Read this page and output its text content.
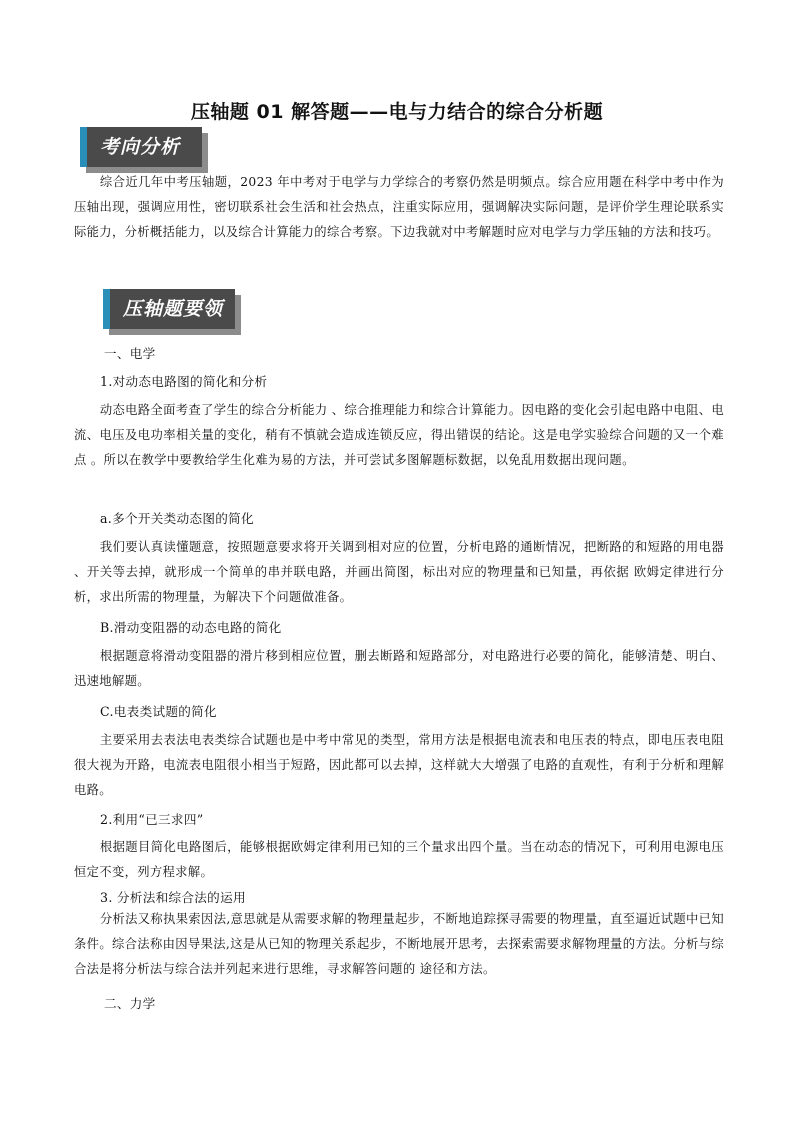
压轴题 01 解答题——电与力结合的综合分析题
考向分析
综合近几年中考压轴题，2023 年中考对于电学与力学综合的考察仍然是明频点。综合应用题在科学中考中作为压轴出现，强调应用性，密切联系社会生活和社会热点，注重实际应用，强调解决实际问题，是评价学生理论联系实际能力，分析概括能力，以及综合计算能力的综合考察。下边我就对中考解题时应对电学与力学压轴的方法和技巧。
压轴题要领
一、电学
1.对动态电路图的简化和分析
动态电路全面考查了学生的综合分析能力 、综合推理能力和综合计算能力。因电路的变化会引起电路中电阻、电流、电压及电功率相关量的变化，稍有不慎就会造成连锁反应，得出错误的结论。这是电学实验综合问题的又一个难点 。所以在教学中要教给学生化难为易的方法，并可尝试多图解题标数据，以免乱用数据出现问题。
a.多个开关类动态图的简化
我们要认真读懂题意，按照题意要求将开关调到相对应的位置，分析电路的通断情况，把断路的和短路的用电器 、开关等去掉，就形成一个简单的串并联电路，并画出简图，标出对应的物理量和已知量，再依据 欧姆定律进行分析，求出所需的物理量，为解决下个问题做准备。
B.滑动变阻器的动态电路的简化
根据题意将滑动变阻器的滑片移到相应位置，删去断路和短路部分，对电路进行必要的简化，能够清楚、明白、迅速地解题。
C.电表类试题的简化
主要采用去表法电表类综合试题也是中考中常见的类型，常用方法是根据电流表和电压表的特点，即电压表电阻很大视为开路，电流表电阻很小相当于短路，因此都可以去掉，这样就大大增强了电路的直观性，有利于分析和理解电路。
2.利用“已三求四”
根据题目简化电路图后，能够根据欧姆定律利用已知的三个量求出四个量。当在动态的情况下，可利用电源电压恒定不变，列方程求解。
3. 分析法和综合法的运用
分析法又称执果索因法,意思就是从需要求解的物理量起步，不断地追踪探寻需要的物理量，直至逼近试题中已知条件。综合法称由因导果法,这是从已知的物理关系起步，不断地展开思考，去探索需要求解物理量的方法。分析与综合法是将分析法与综合法并列起来进行思维，寻求解答问题的 途径和方法。
二、力学
